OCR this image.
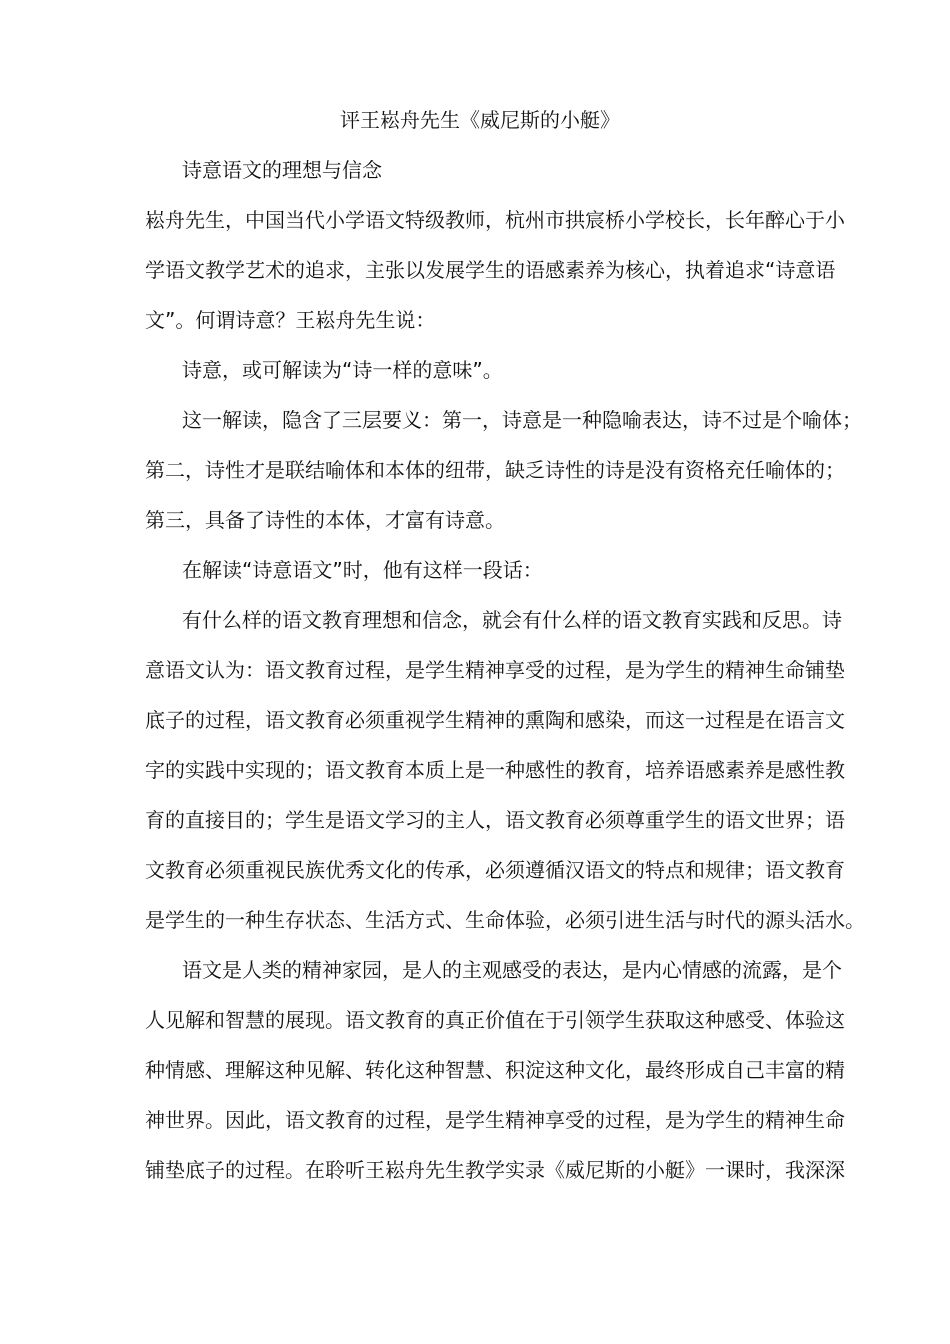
评王崧舟先生《威尼斯的小艇》
诗意语文的理想与信念
崧舟先生，中国当代小学语文特级教师，杭州市拱宸桥小学校长，长年醉心于小
学语文教学艺术的追求，主张以发展学生的语感素养为核心，执着追求“诗意语
文”。何谓诗意？王崧舟先生说：
诗意，或可解读为“诗一样的意味”。
这一解读，隐含了三层要义：第一，诗意是一种隐喻表达，诗不过是个喻体；
第二，诗性才是联结喻体和本体的纽带，缺乏诗性的诗是没有资格充任喻体的；
第三，具备了诗性的本体，才富有诗意。
在解读“诗意语文”时，他有这样一段话：
有什么样的语文教育理想和信念，就会有什么样的语文教育实践和反思。诗
意语文认为：语文教育过程，是学生精神享受的过程，是为学生的精神生命铺垫
底子的过程，语文教育必须重视学生精神的熏陶和感染，而这一过程是在语言文
字的实践中实现的；语文教育本质上是一种感性的教育，培养语感素养是感性教
育的直接目的；学生是语文学习的主人，语文教育必须尊重学生的语文世界；语
文教育必须重视民族优秀文化的传承，必须遵循汉语文的特点和规律；语文教育
是学生的一种生存状态、生活方式、生命体验，必须引进生活与时代的源头活水。
语文是人类的精神家园，是人的主观感受的表达，是内心情感的流露，是个
人见解和智慧的展现。语文教育的真正价值在于引领学生获取这种感受、体验这
种情感、理解这种见解、转化这种智慧、积淀这种文化，最终形成自己丰富的精
神世界。因此，语文教育的过程，是学生精神享受的过程，是为学生的精神生命
铺垫底子的过程。在聆听王崧舟先生教学实录《威尼斯的小艇》一课时，我深深
